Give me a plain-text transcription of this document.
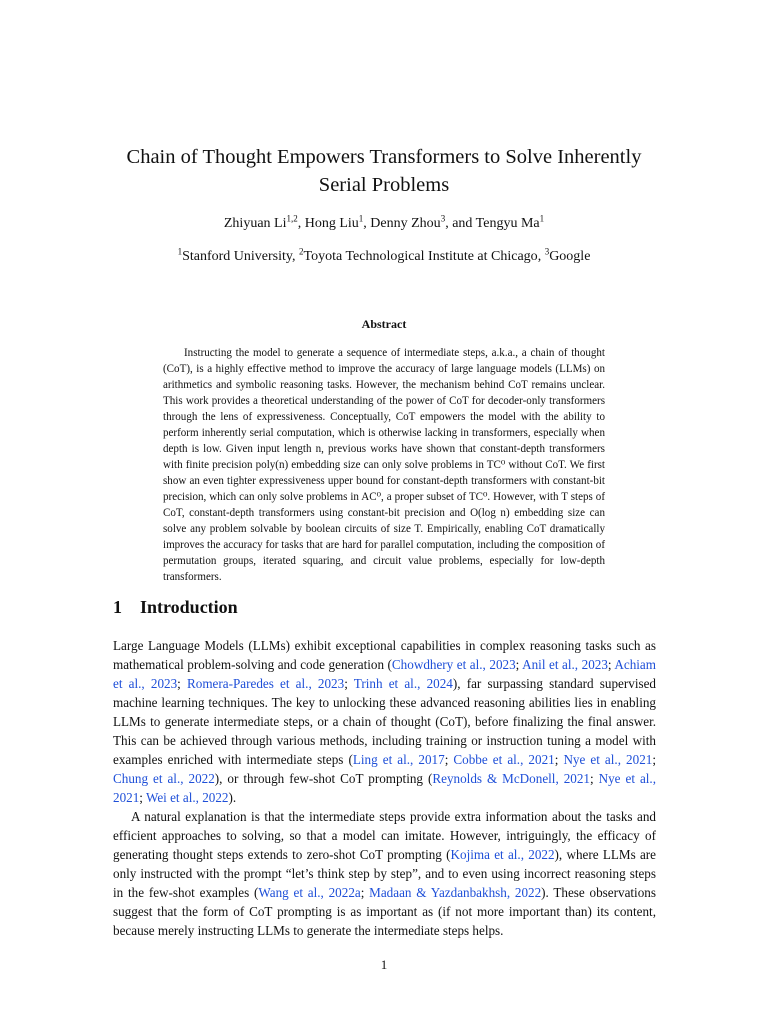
Chain of Thought Empowers Transformers to Solve Inherently
Serial Problems
Zhiyuan Li$^{1,2}$, Hong Liu$^1$, Denny Zhou$^3$, and Tengyu Ma$^1$
$^1$Stanford University, $^2$Toyota Technological Institute at Chicago, $^3$Google
Abstract

Instructing the model to generate a sequence of intermediate steps, a.k.a., a chain of thought (CoT), is a highly effective method to improve the accuracy of large language models (LLMs) on arithmetics and symbolic reasoning tasks. However, the mechanism behind CoT remains unclear. This work provides a theoretical understanding of the power of CoT for decoder-only transformers through the lens of expressiveness. Conceptually, CoT empowers the model with the ability to perform inherently serial computation, which is otherwise lacking in transformers, especially when depth is low. Given input length n, previous works have shown that constant-depth transformers with finite precision poly(n) embedding size can only solve problems in TC⁰ without CoT. We first show an even tighter expressiveness upper bound for constant-depth transformers with constant-bit precision, which can only solve problems in AC⁰, a proper subset of TC⁰. However, with T steps of CoT, constant-depth transformers using constant-bit precision and O(log n) embedding size can solve any problem solvable by boolean circuits of size T. Empirically, enabling CoT dramatically improves the accuracy for tasks that are hard for parallel computation, including the composition of permutation groups, iterated squaring, and circuit value problems, especially for low-depth transformers.

1 Introduction

Large Language Models (LLMs) exhibit exceptional capabilities in complex reasoning tasks such as mathematical problem-solving and code generation (Chowdhery et al., 2023; Anil et al., 2023; Achiam et al., 2023; Romera-Paredes et al., 2023; Trinh et al., 2024), far surpassing standard supervised machine learning techniques. The key to unlocking these advanced reasoning abilities lies in enabling LLMs to generate intermediate steps, or a chain of thought (CoT), before finalizing the final answer. This can be achieved through various methods, including training or instruction tuning a model with examples enriched with intermediate steps (Ling et al., 2017; Cobbe et al., 2021; Nye et al., 2021; Chung et al., 2022), or through few-shot CoT prompting (Reynolds & McDonell, 2021; Nye et al., 2021; Wei et al., 2022).

A natural explanation is that the intermediate steps provide extra information about the tasks and efficient approaches to solving, so that a model can imitate. However, intriguingly, the efficacy of generating thought steps extends to zero-shot CoT prompting (Kojima et al., 2022), where LLMs are only instructed with the prompt “let’s think step by step”, and to even using incorrect reasoning steps in the few-shot examples (Wang et al., 2022a; Madaan & Yazdanbakhsh, 2022). These observations suggest that the form of CoT prompting is as important as (if not more important than) its content, because merely instructing LLMs to generate the intermediate steps helps.

1
